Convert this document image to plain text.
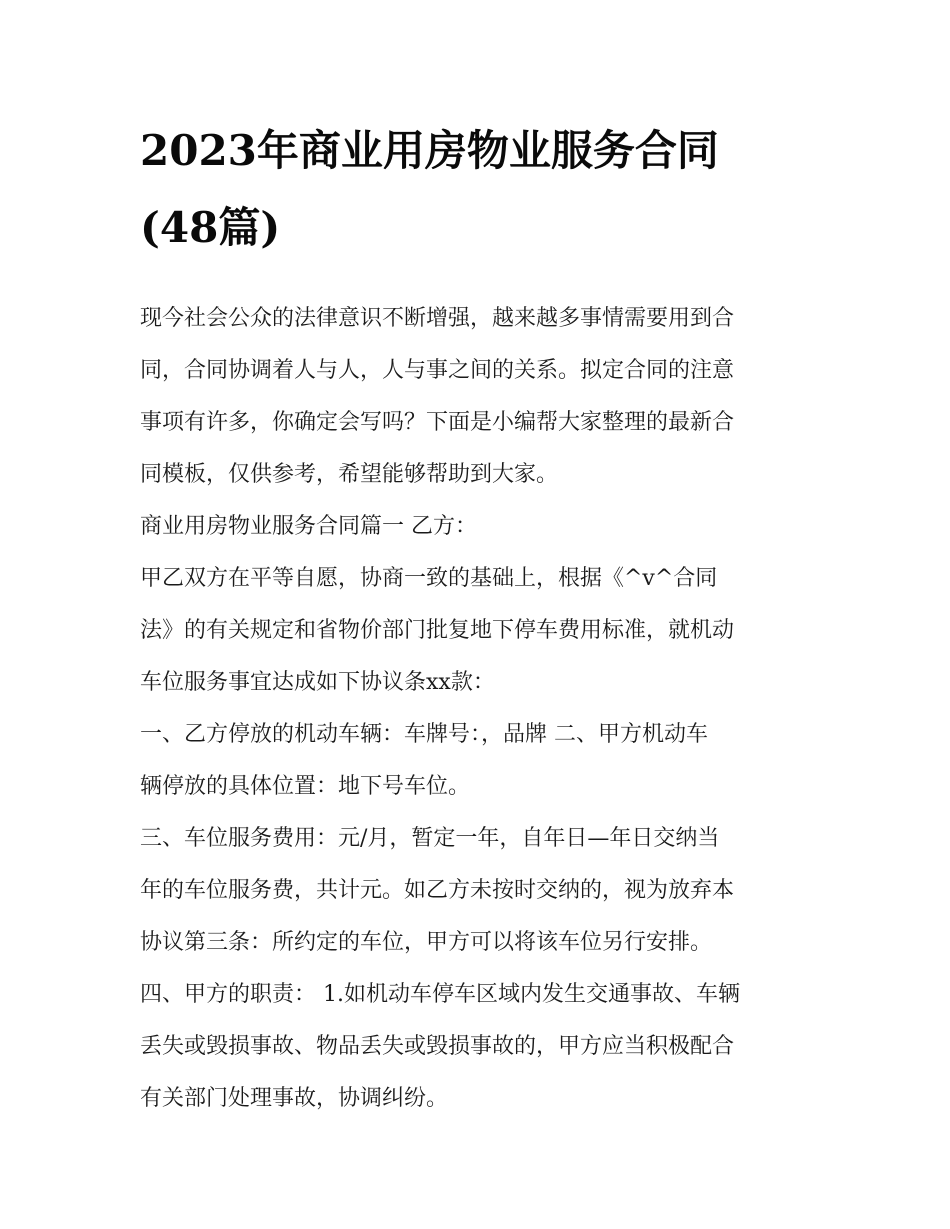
2023年商业用房物业服务合同
(48篇)

现今社会公众的法律意识不断增强，越来越多事情需要用到合
同，合同协调着人与人，人与事之间的关系。拟定合同的注意
事项有许多，你确定会写吗？下面是小编帮大家整理的最新合
同模板，仅供参考，希望能够帮助到大家。

商业用房物业服务合同篇一 乙方：

甲乙双方在平等自愿，协商一致的基础上，根据《^v^合同
法》的有关规定和省物价部门批复地下停车费用标准，就机动
车位服务事宜达成如下协议条xx款：

一、乙方停放的机动车辆：车牌号：，品牌 二、甲方机动车
辆停放的具体位置：地下号车位。

三、车位服务费用：元/月，暂定一年，自年日—年日交纳当
年的车位服务费，共计元。如乙方未按时交纳的，视为放弃本
协议第三条：所约定的车位，甲方可以将该车位另行安排。

四、甲方的职责： 1.如机动车停车区域内发生交通事故、车辆
丢失或毁损事故、物品丢失或毁损事故的，甲方应当积极配合
有关部门处理事故，协调纠纷。
